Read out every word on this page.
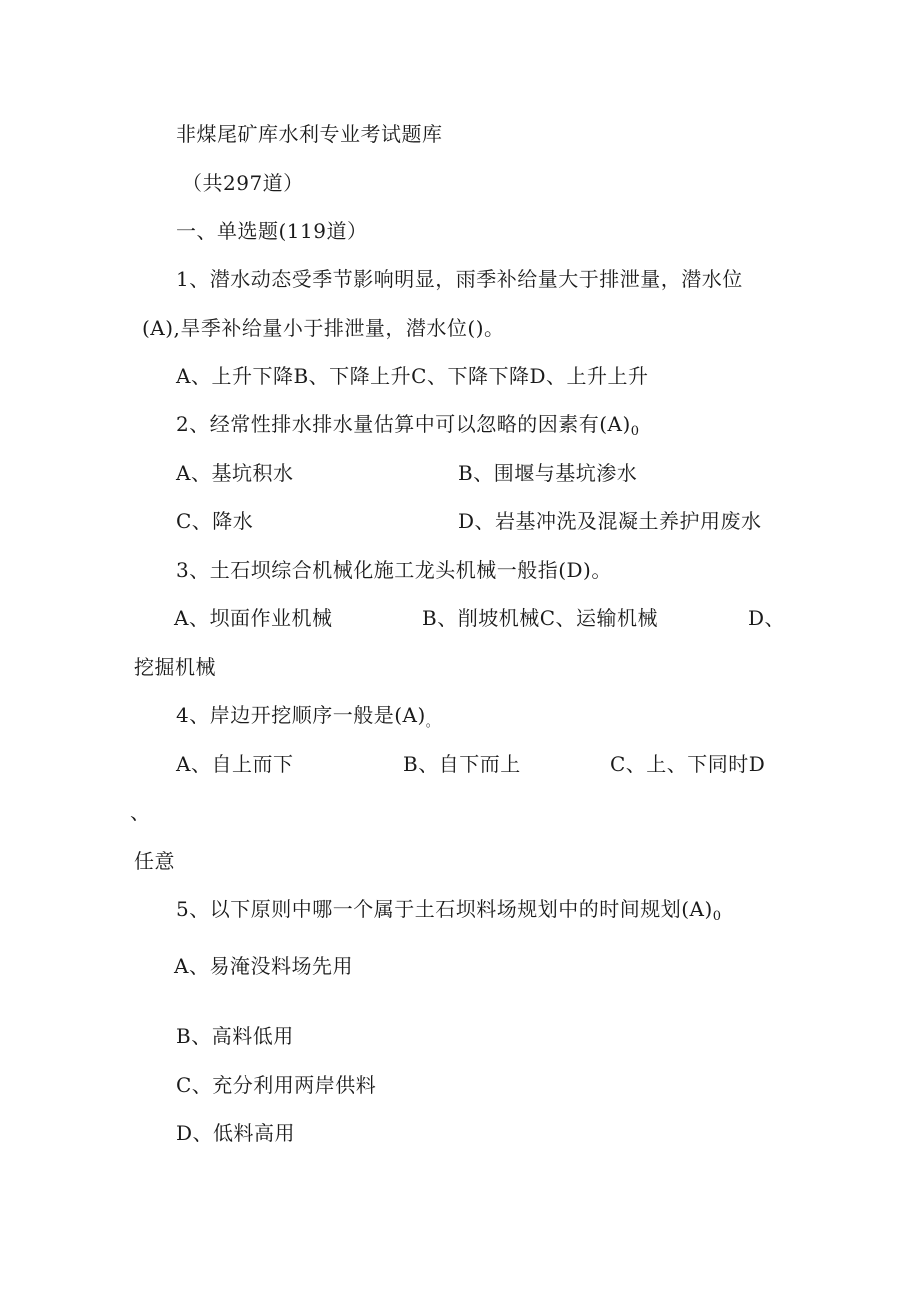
非煤尾矿库水利专业考试题库
（共297道）
一、单选题(119道）
1、潜水动态受季节影响明显，雨季补给量大于排泄量，潜水位
(A),旱季补给量小于排泄量，潜水位()。
A、上升下降B、下降上升C、下降下降D、上升上升
2、经常性排水排水量估算中可以忽略的因素有$(A)_0$
A、基坑积水	B、围堰与基坑渗水
C、降水	D、岩基冲洗及混凝土养护用废水
3、土石坝综合机械化施工龙头机械一般指(D)。
A、坝面作业机械	B、削坡机械C、运输机械	D、
挖掘机械
4、岸边开挖顺序一般是$(A)_。$
A、自上而下	B、自下而上	C、上、下同时D
、
任意
5、以下原则中哪一个属于土石坝料场规划中的时间规划$(A)_0$
A、易淹没料场先用
B、高料低用
C、充分利用两岸供料
D、低料高用
